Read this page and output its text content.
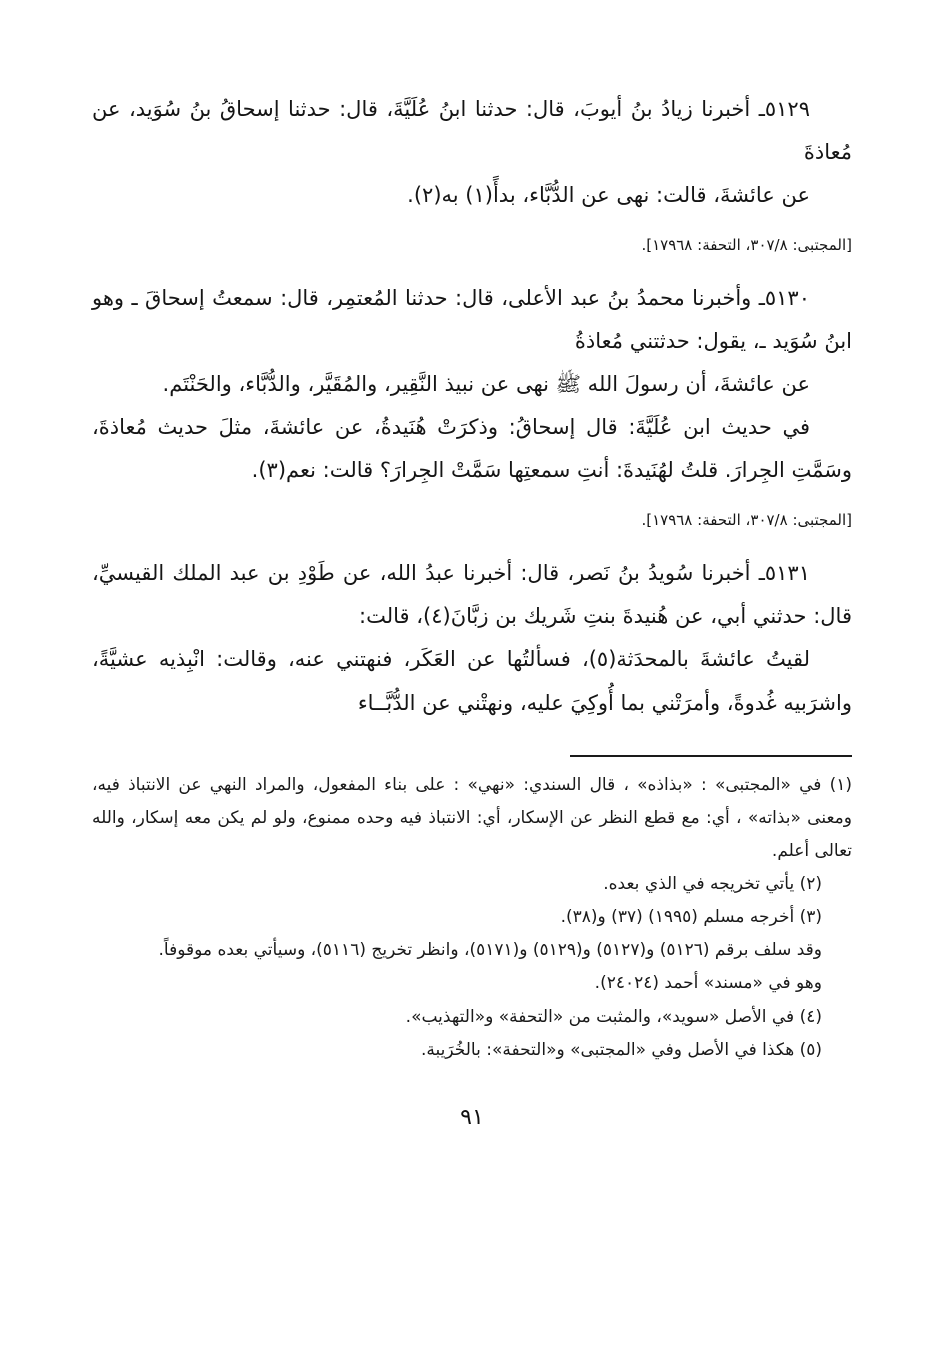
٥١٢٩ـ أخبرنا زيادُ بنُ أيوبَ، قال: حدثنا ابنُ عُلَيَّةَ، قال: حدثنا إسحاقُ بنُ سُوَيد، عن مُعاذةَ

عن عائشةَ، قالت: نهى عن الدُّبَّاء، بدأً(١) به(٢).

[المجتبى: ٣٠٧/٨، التحفة: ١٧٩٦٨].

٥١٣٠ـ وأخبرنا محمدُ بنُ عبد الأعلى، قال: حدثنا المُعتمِر، قال: سمعتُ إسحاقَ ـ وهو ابنُ سُوَيد ـ، يقول: حدثتني مُعاذةُ

عن عائشةَ، أن رسولَ الله ﷺ نهى عن نبيذ النَّقِير، والمُقَيَّر، والدُّبَّاء، والحَنْتَم.

في حديث ابن عُلَيَّةَ: قال إسحاقُ: وذكرَتْ هُنَيدةُ، عن عائشةَ، مثلَ حديث مُعاذةَ، وسَمَّتِ الجِرارَ. قلتُ لهُنَيدةَ: أنتِ سمعتِها سَمَّتْ الجِرارَ؟ قالت: نعم(٣).

[المجتبى: ٣٠٧/٨، التحفة: ١٧٩٦٨].

٥١٣١ـ أخبرنا سُويدُ بنُ نَصر، قال: أخبرنا عبدُ الله، عن طَوْدِ بن عبد الملك القيسيِّ، قال: حدثني أبي، عن هُنيدةَ بنتِ شَريك بن زبَّانَ(٤)، قالت:

لقيتُ عائشةَ بالمحدَثة(٥)، فسألتُها عن العَكَر، فنهتني عنه، وقالت: انْبِذيه عشيَّةً، واشرَبيه غُدوةً، وأمرَتْني بما أُوكِيَ عليه، ونهتْني عن الدُّبَّــاء

(١) في «المجتبى» : «بذاذه» ، قال السندي: «نهي» : على بناء المفعول، والمراد النهي عن الانتباذ فيه، ومعنى «بذاته» ، أي: مع قطع النظر عن الإسكار، أي: الانتباذ فيه وحده ممنوع، ولو لم يكن معه إسكار، والله تعالى أعلم.

(٢) يأتي تخريجه في الذي بعده.

(٣) أخرجه مسلم (١٩٩٥) (٣٧) و(٣٨).

وقد سلف برقم (٥١٢٦) و(٥١٢٧) و(٥١٢٩) و(٥١٧١)، وانظر تخريج (٥١١٦)، وسيأتي بعده موقوفاً.

وهو في «مسند» أحمد (٢٤٠٢٤).

(٤) في الأصل «سويد»، والمثبت من «التحفة» و«التهذيب».

(٥) هكذا في الأصل وفي «المجتبى» و«التحفة»: بالخُرَيبة.

٩١
